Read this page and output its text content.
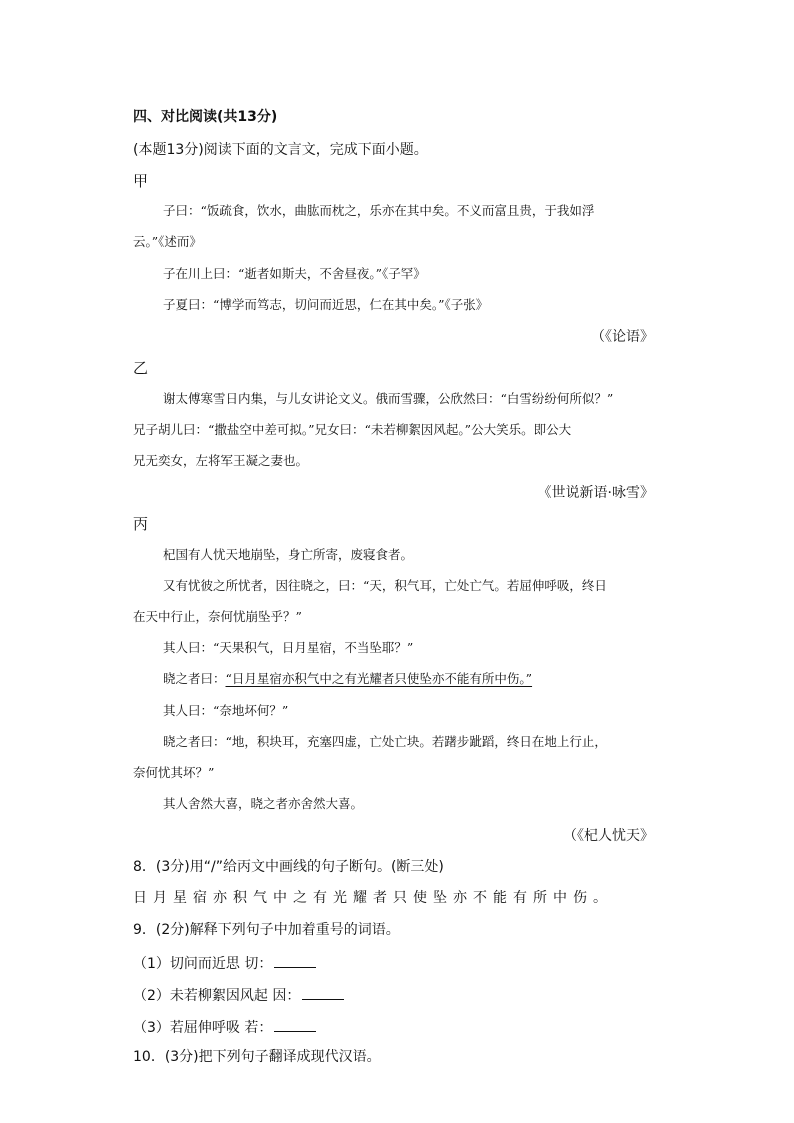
四、对比阅读(共13分)
(本题13分)阅读下面的文言文，完成下面小题。
甲
子曰：“饭疏食，饮水，曲肱而枕之，乐亦在其中矣。不义而富且贵，于我如浮
云。”《述而》
子在川上曰：“逝者如斯夫，不舍昼夜。”《子罕》
子夏曰：“博学而笃志，切问而近思，仁在其中矣。”《子张》
（《论语》
乙
谢太傅寒雪日内集，与儿女讲论文义。俄而雪骤，公欣然曰：“白雪纷纷何所似？”
兄子胡儿曰：“撒盐空中差可拟。”兄女曰：“未若柳絮因风起。”公大笑乐。即公大
兄无奕女，左将军王凝之妻也。
《世说新语·咏雪》
丙
杞国有人忧天地崩坠，身亡所寄，废寝食者。
又有忧彼之所忧者，因往晓之，曰：“天，积气耳，亡处亡气。若屈伸呼吸，终日
在天中行止，奈何忧崩坠乎？”
其人曰：“天果积气，日月星宿，不当坠耶？”
晓之者曰：“日月星宿亦积气中之有光耀者只使坠亦不能有所中伤。”
其人曰：“奈地坏何？”
晓之者曰：“地，积块耳，充塞四虚，亡处亡块。若躇步跐蹈，终日在地上行止，
奈何忧其坏？”
其人舍然大喜，晓之者亦舍然大喜。
（《杞人忧天》
8．(3分)用“/”给丙文中画线的句子断句。(断三处)
日月星宿亦积气中之有光耀者只使坠亦不能有所中伤。
9．(2分)解释下列句子中加着重号的词语。
（1）切问而近思 切：
（2）未若柳絮因风起 因：
（3）若屈伸呼吸 若：
10．(3分)把下列句子翻译成现代汉语。
